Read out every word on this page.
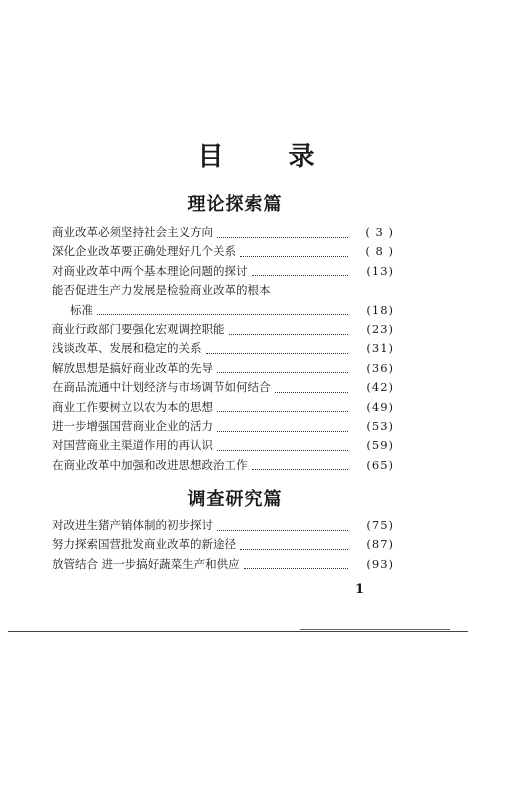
目 录
理论探索篇
商业改革必须坚持社会主义方向	( 3 )
深化企业改革要正确处理好几个关系	( 8 )
对商业改革中两个基本理论问题的探讨	(13)
能否促进生产力发展是检验商业改革的根本
标准	(18)
商业行政部门要强化宏观调控职能	(23)
浅谈改革、发展和稳定的关系	(31)
解放思想是搞好商业改革的先导	(36)
在商品流通中计划经济与市场调节如何结合	(42)
商业工作要树立以农为本的思想	(49)
进一步增强国营商业企业的活力	(53)
对国营商业主渠道作用的再认识	(59)
在商业改革中加强和改进思想政治工作	(65)
调查研究篇
对改进生猪产销体制的初步探讨	(75)
努力探索国营批发商业改革的新途径	(87)
放管结合 进一步搞好蔬菜生产和供应	(93)
1
